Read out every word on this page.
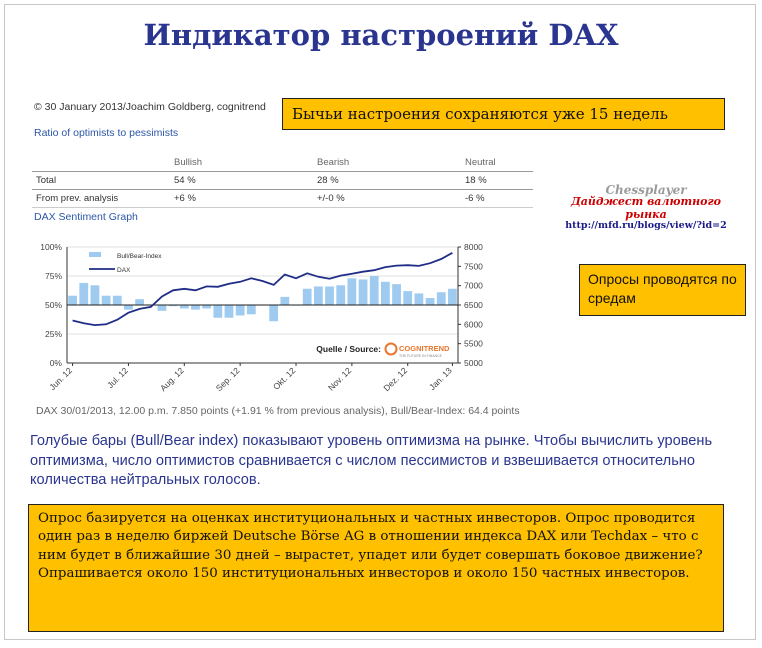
Индикатор настроений DAX
© 30 January 2013/Joachim Goldberg, cognitrend
Ratio of optimists to pessimists
Бычьи настроения сохраняются уже 15 недель
	Bullish	Bearish	Neutral
Total	54 %	28 %	18 %
From prev. analysis	+6 %	+/-0 %	-6 %
DAX Sentiment Graph
Chessplayer
Дайджест валютного рынка
http://mfd.ru/blogs/view/?id=2
0%
25%
50%
75%
100%
5000
5500
6000
6500
7000
7500
8000
Jun. 12	Jul. 12	Aug. 12	Sep. 12	Okt. 12	Nov. 12	Dez. 12 Jan. 13
Bull/Bear-Index
DAX
Quelle / Source: COGNITREND
THE FUTURE IN FINANCE
Опросы проводятся по средам
DAX 30/01/2013, 12.00 p.m. 7.850 points (+1.91 % from previous analysis), Bull/Bear-Index: 64.4 points
Голубые бары (Bull/Bear index) показывают уровень оптимизма на рынке. Чтобы вычислить уровень оптимизма, число оптимистов сравнивается с числом пессимистов и взвешивается относительно количества нейтральных голосов.

Опрос базируется на оценках институциональных и частных инвесторов. Опрос проводится один раз в неделю биржей Deutsche Börse AG в отношении индекса DAX или Techdax – что с ним будет в ближайшие 30 дней – вырастет, упадет или будет совершать боковое движение?

Опрашивается около 150 институциональных инвесторов и около 150 частных инвесторов.
